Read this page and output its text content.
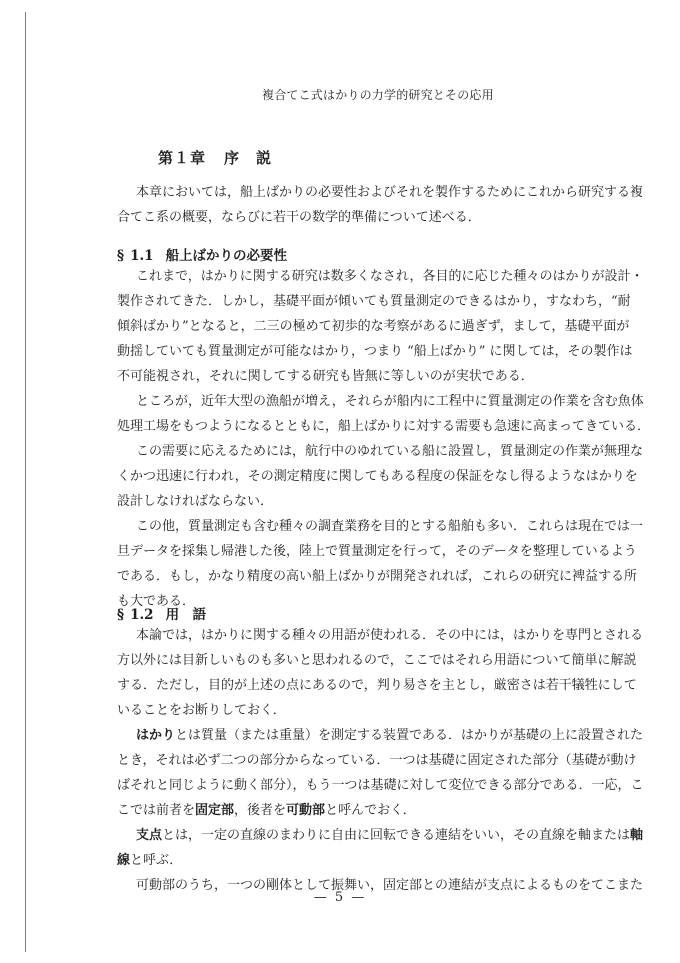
複合てこ式はかりの力学的研究とその応用
第１章 序　説
本章においては，船上ばかりの必要性およびそれを製作するためにこれから研究する複
合てこ系の概要，ならびに若干の数学的準備について述べる．
§ 1.1 船上ばかりの必要性
これまで，はかりに関する研究は数多くなされ，各目的に応じた種々のはかりが設計・
製作されてきた．しかし，基礎平面が傾いても質量測定のできるはかり，すなわち，“耐
傾斜ばかり”となると，二三の極めて初歩的な考察があるに過ぎず，まして，基礎平面が
動揺していても質量測定が可能なはかり，つまり “船上ばかり” に関しては，その製作は
不可能視され，それに関してする研究も皆無に等しいのが実状である．
ところが，近年大型の漁船が増え，それらが船内に工程中に質量測定の作業を含む魚体
処理工場をもつようになるとともに，船上ばかりに対する需要も急速に高まってきている．
この需要に応えるためには，航行中のゆれている船に設置し，質量測定の作業が無理な
くかつ迅速に行われ，その測定精度に関してもある程度の保証をなし得るようなはかりを
設計しなければならない．
この他，質量測定も含む種々の調査業務を目的とする船舶も多い．これらは現在では一
旦データを採集し帰港した後，陸上で質量測定を行って，そのデータを整理しているよう
である．もし，かなり精度の高い船上ばかりが開発されれば，これらの研究に裨益する所
も大である．
§ 1.2 用　語
本論では，はかりに関する種々の用語が使われる．その中には，はかりを専門とされる
方以外には目新しいものも多いと思われるので，ここではそれら用語について簡単に解説
する．ただし，目的が上述の点にあるので，判り易さを主とし，厳密さは若干犠牲にして
いることをお断りしておく．
はかりとは質量（または重量）を測定する装置である．はかりが基礎の上に設置された
とき，それは必ず二つの部分からなっている．一つは基礎に固定された部分（基礎が動け
ばそれと同じように動く部分），もう一つは基礎に対して変位できる部分である．一応，こ
こでは前者を固定部，後者を可動部と呼んでおく．
支点とは，一定の直線のまわりに自由に回転できる連結をいい，その直線を軸または軸
線と呼ぶ．
可動部のうち，一つの剛体として振舞い，固定部との連結が支点によるものをてこまた
— 5 —
